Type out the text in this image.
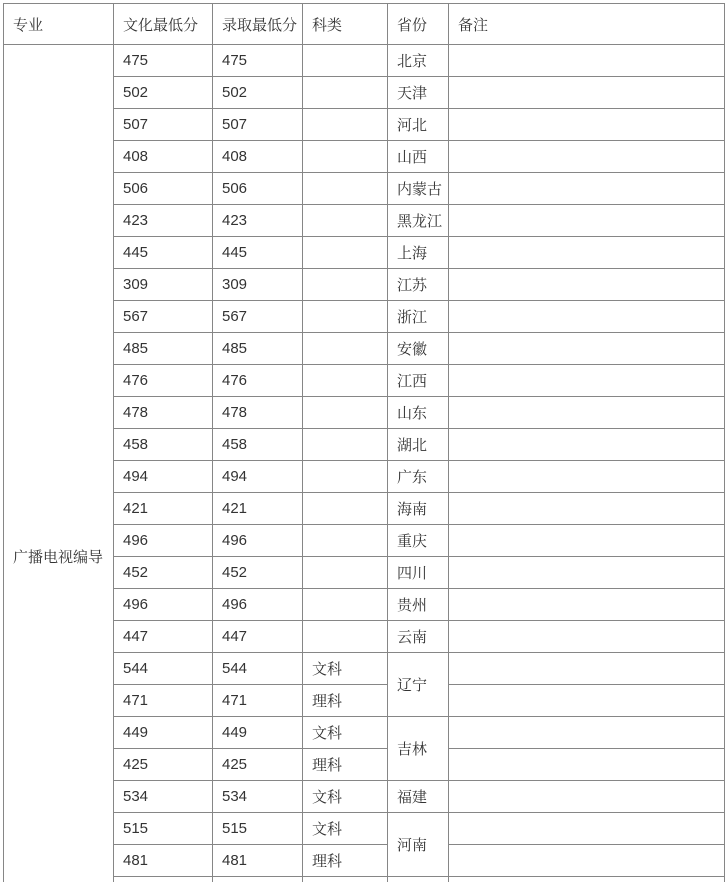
专业	文化最低分	录取最低分	科类	省份	备注
广播电视编导	475	475		北京	
	502	502		天津	
	507	507		河北	
	408	408		山西	
	506	506		内蒙古	
	423	423		黑龙江	
	445	445		上海	
	309	309		江苏	
	567	567		浙江	
	485	485		安徽	
	476	476		江西	
	478	478		山东	
	458	458		湖北	
	494	494		广东	
	421	421		海南	
	496	496		重庆	
	452	452		四川	
	496	496		贵州	
	447	447		云南	
	544	544	文科	辽宁	
	471	471	理科		
	449	449	文科	吉林	
	425	425	理科		
	534	534	文科	福建	
	515	515	文科	河南	
	481	481	理科		
